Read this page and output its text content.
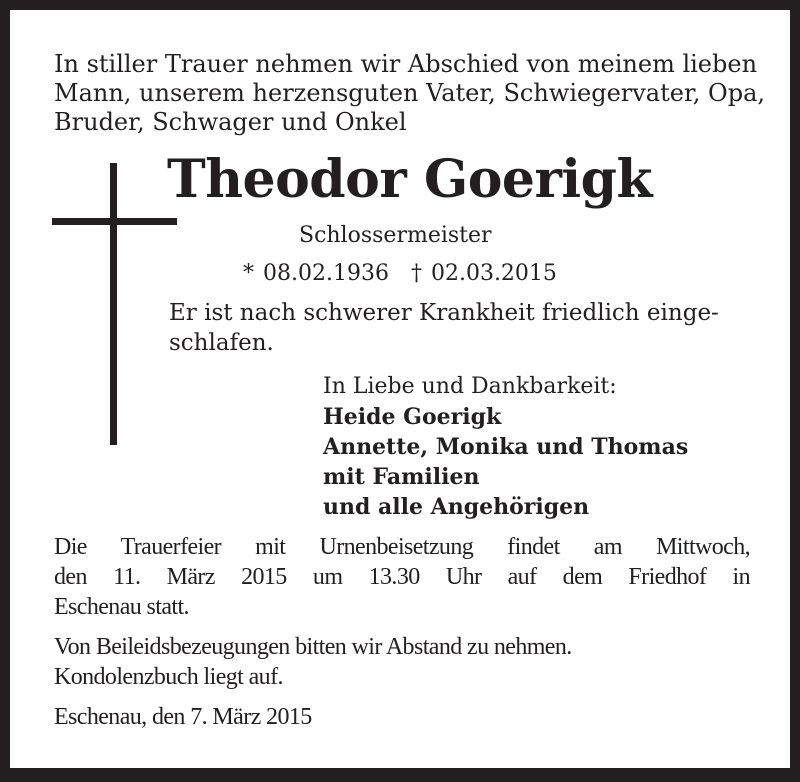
In stiller Trauer nehmen wir Abschied von meinem lieben
Mann, unserem herzensguten Vater, Schwiegervater, Opa,
Bruder, Schwager und Onkel
Theodor Goerigk
Schlossermeister
* 08.02.1936 † 02.03.2015
Er ist nach schwerer Krankheit friedlich einge-
schlafen.
In Liebe und Dankbarkeit:
Heide Goerigk
Annette, Monika und Thomas
mit Familien
und alle Angehörigen
Die Trauerfeier mit Urnenbeisetzung findet am Mittwoch,
den 11. März 2015 um 13.30 Uhr auf dem Friedhof in
Eschenau statt.
Von Beileidsbezeugungen bitten wir Abstand zu nehmen.
Kondolenzbuch liegt auf.
Eschenau, den 7. März 2015
